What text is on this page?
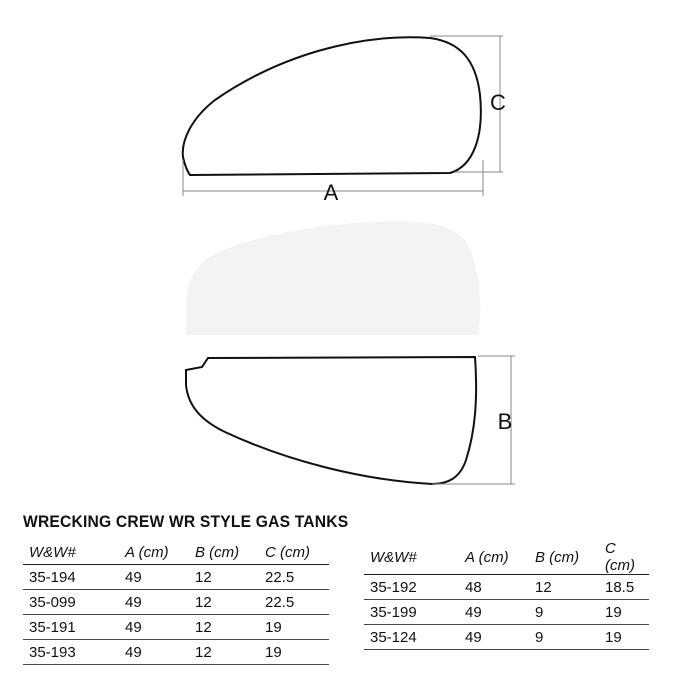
A
B
C
WRECKING CREW WR STYLE GAS TANKS
W&W#	A (cm)	B (cm)	C (cm)
35-194	49	12	22.5
35-099	49	12	22.5
35-191	49	12	19
35-193	49	12	19
W&W#	A (cm)	B (cm)	C (cm)
35-192	48	12	18.5
35-199	49	9	19
35-124	49	9	19
